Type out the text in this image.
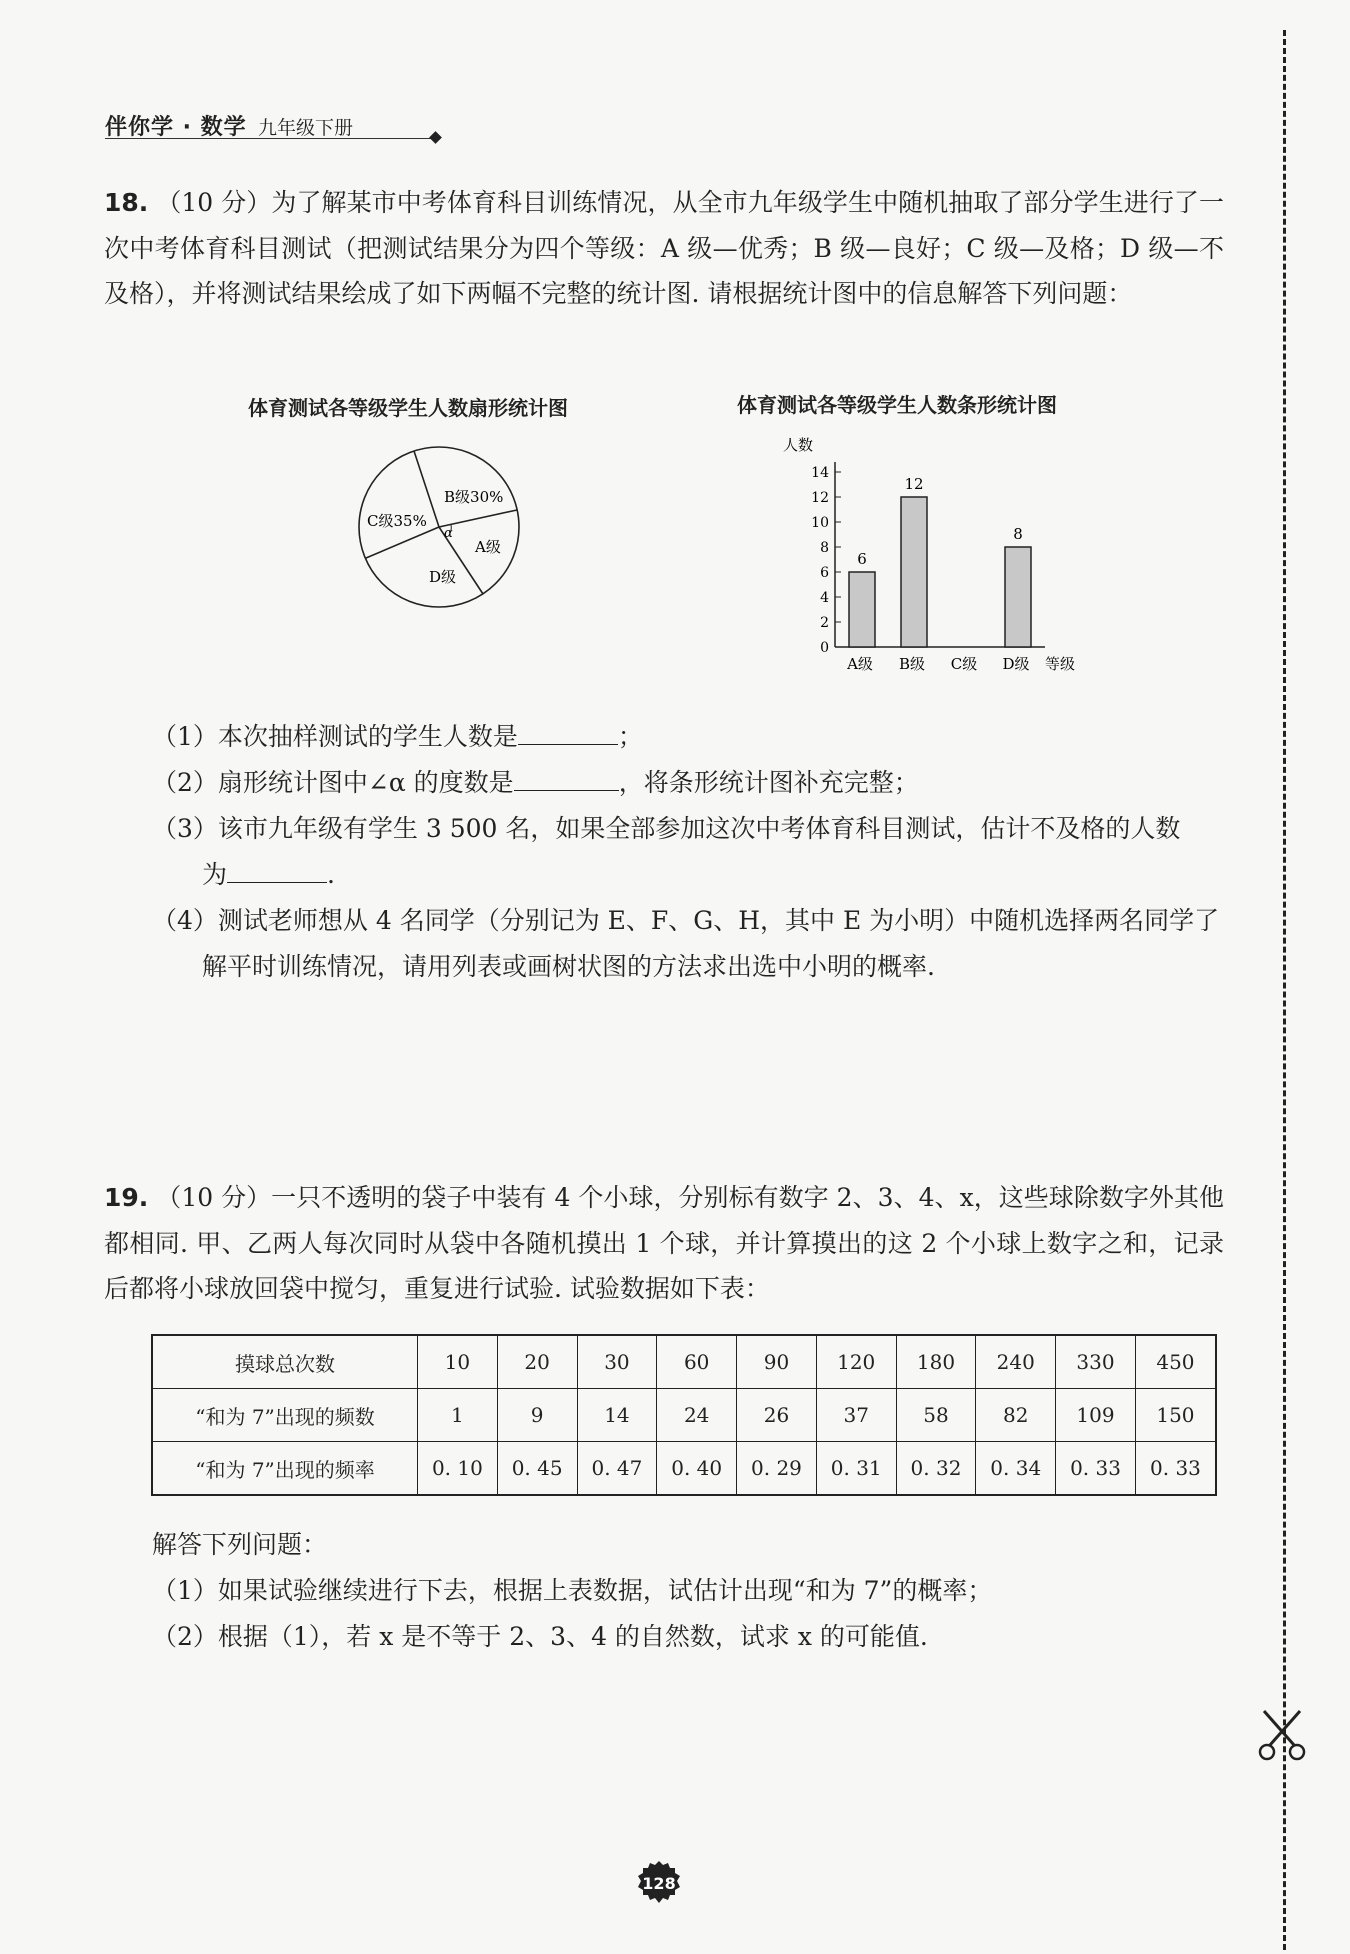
伴你学 · 数学 九年级下册
18. （10 分）为了解某市中考体育科目训练情况，从全市九年级学生中随机抽取了部分学生进行了一次中考体育科目测试（把测试结果分为四个等级：A 级—优秀；B 级—良好；C 级—及格；D 级—不及格），并将测试结果绘成了如下两幅不完整的统计图. 请根据统计图中的信息解答下列问题：
体育测试各等级学生人数扇形统计图
α
B级30%
A级
D级
C级35%
体育测试各等级学生人数条形统计图
人数
0
2
4
6
8
10
12
14
6
A级
12
B级 C级
8
D级 等级
（1）本次抽样测试的学生人数是	；
（2）扇形统计图中∠α 的度数是	，将条形统计图补充完整；
（3）该市九年级有学生 3 500 名，如果全部参加这次中考体育科目测试，估计不及格的人数
为	.
（4）测试老师想从 4 名同学（分别记为 E、F、G、H，其中 E 为小明）中随机选择两名同学了
解平时训练情况，请用列表或画树状图的方法求出选中小明的概率.
19. （10 分）一只不透明的袋子中装有 4 个小球，分别标有数字 2、3、4、x，这些球除数字外其他都相同. 甲、乙两人每次同时从袋中各随机摸出 1 个球，并计算摸出的这 2 个小球上数字之和，记录后都将小球放回袋中搅匀，重复进行试验. 试验数据如下表：
摸球总次数	10	20	30	60	90	120	180	240	330	450
“和为 7”出现的频数	1	9	14	24	26	37	58	82	109	150
“和为 7”出现的频率	0. 10	0. 45	0. 47	0. 40	0. 29	0. 31	0. 32	0. 34	0. 33	0. 33
解答下列问题：
（1）如果试验继续进行下去，根据上表数据，试估计出现“和为 7”的概率；
（2）根据（1），若 x 是不等于 2、3、4 的自然数，试求 x 的可能值.
128
